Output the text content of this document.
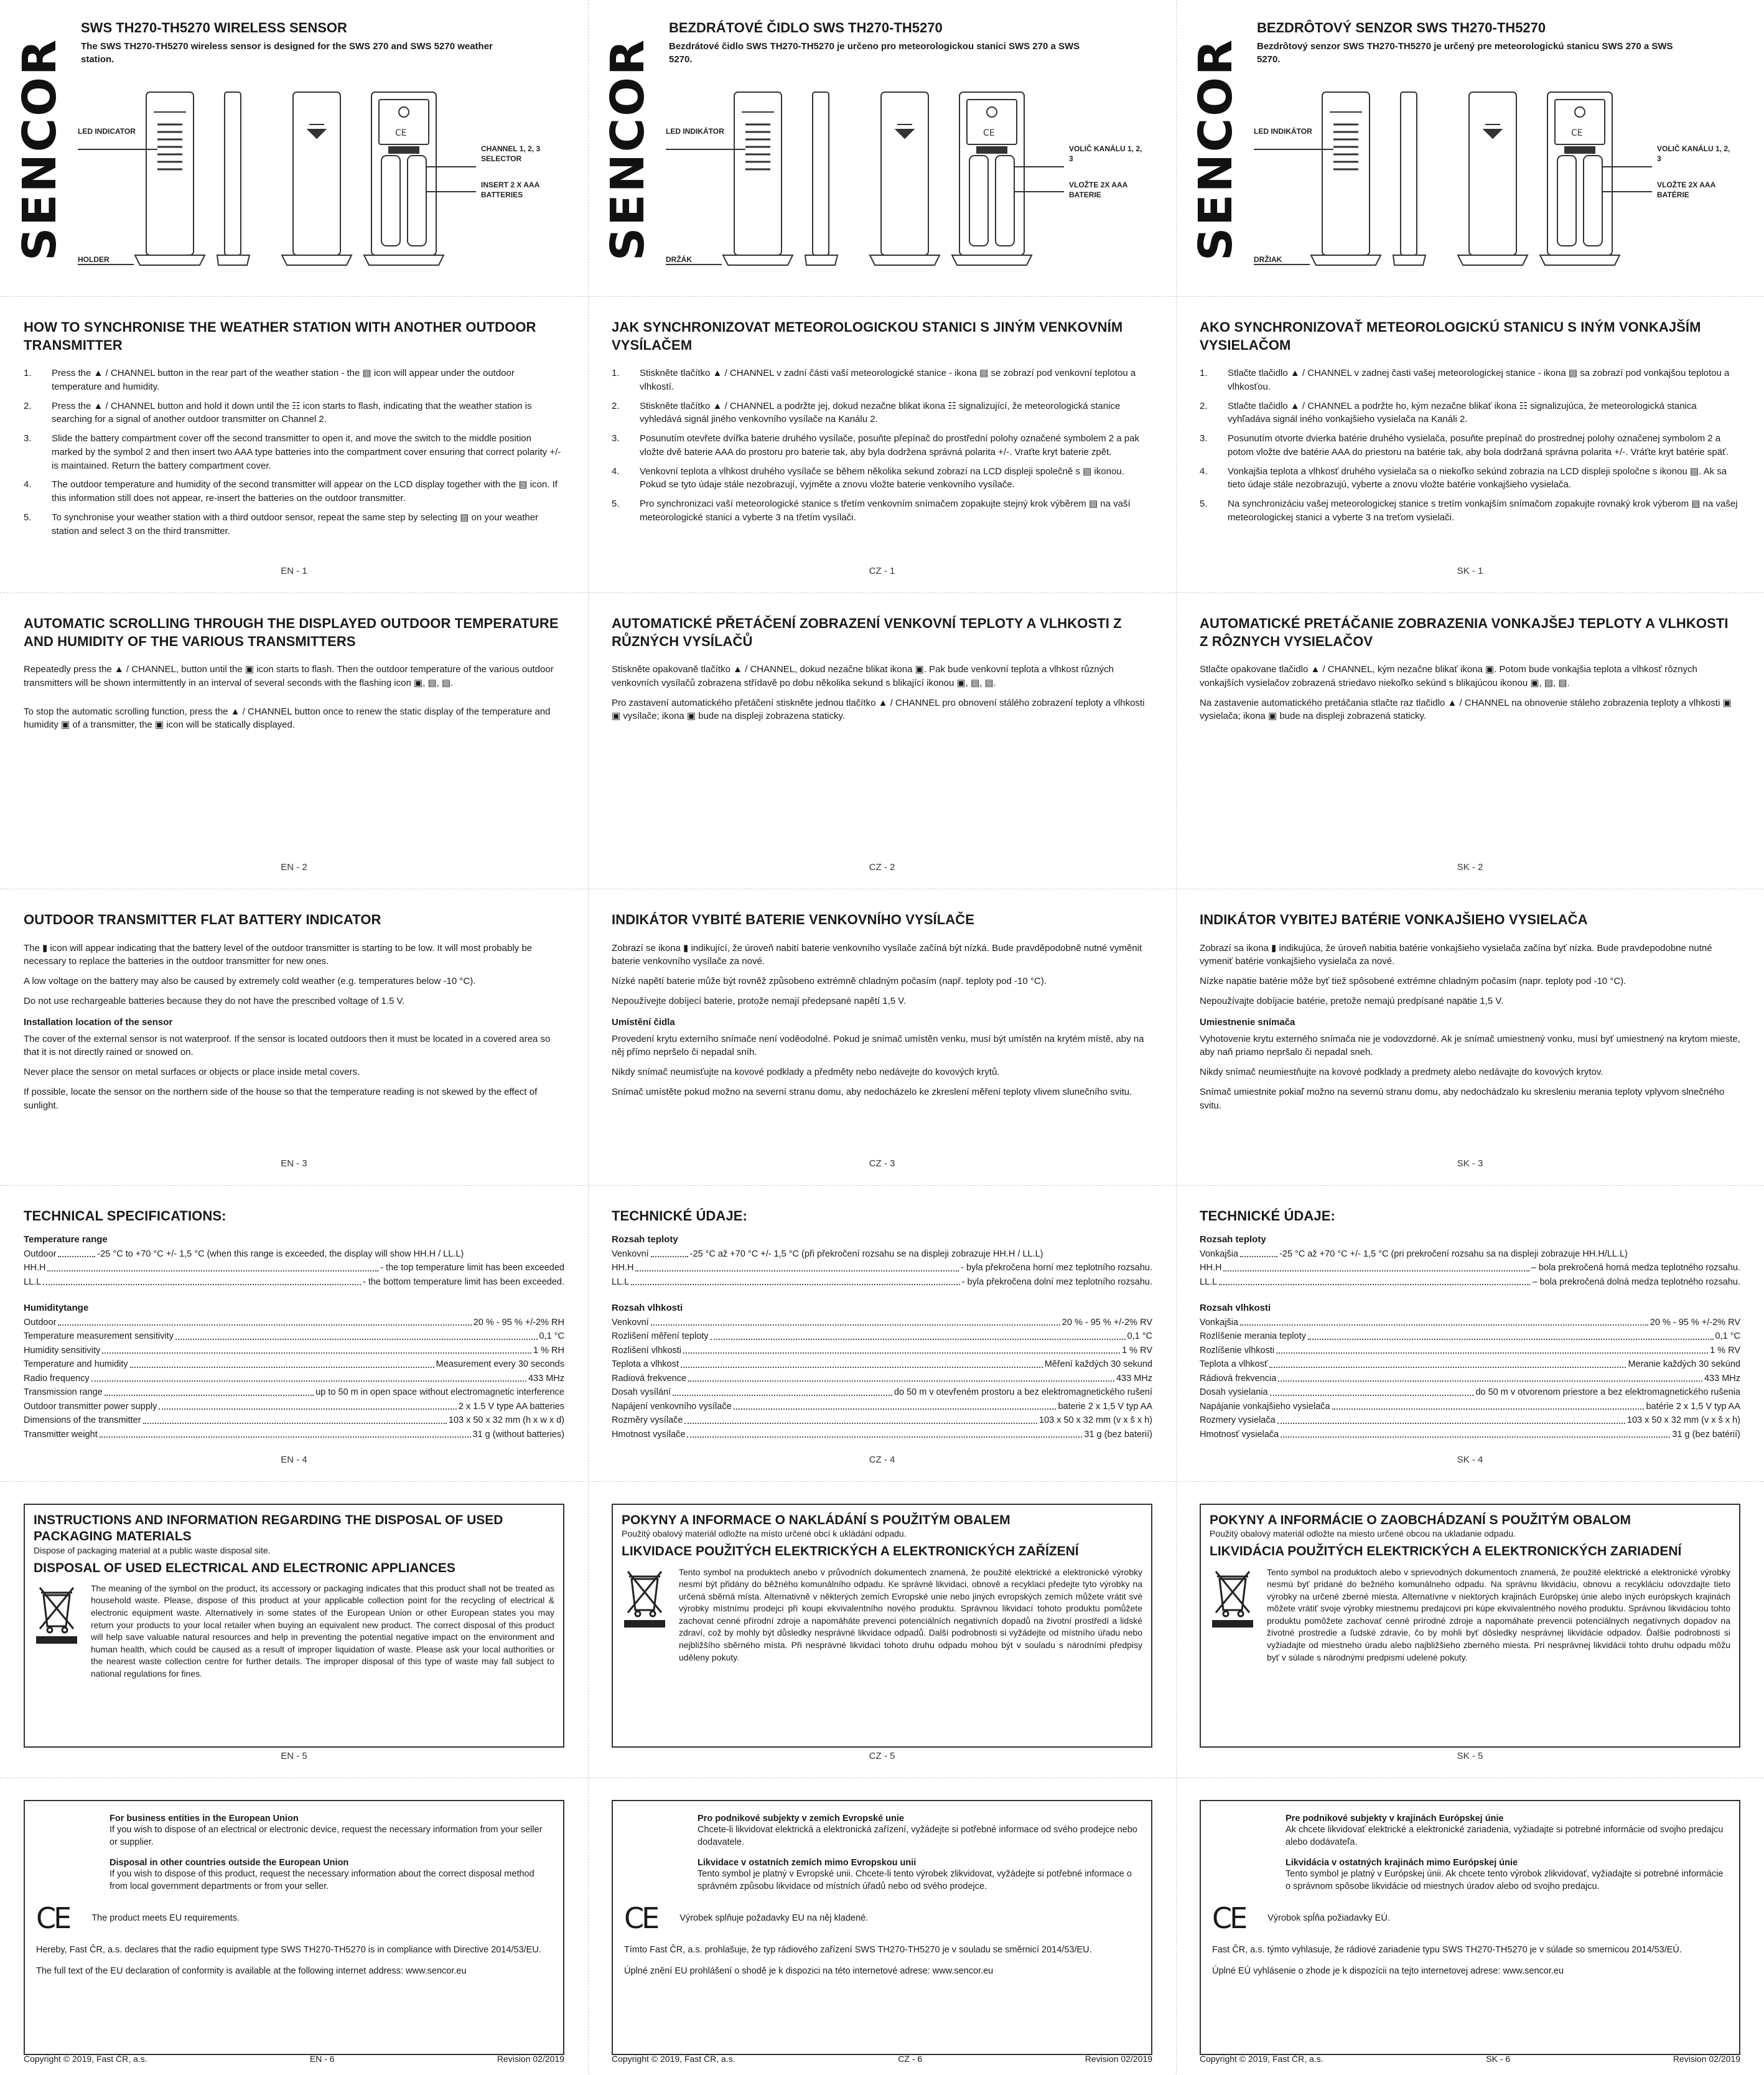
SENCOR
SWS TH270-TH5270 WIRELESS SENSOR
The SWS TH270-TH5270 wireless sensor is designed for the SWS 270 and SWS 5270 weather station.
CE
LED INDICATOR
HOLDER
CHANNEL 1, 2, 3 SELECTOR
INSERT 2 X AAA BATTERIES	SENCOR
BEZDRÁTOVÉ ČIDLO SWS TH270-TH5270
Bezdrátové čidlo SWS TH270-TH5270 je určeno pro meteorologickou stanici SWS 270 a SWS 5270.
CE
LED INDIKÁTOR
DRŽÁK
VOLIČ KANÁLU 1, 2, 3
VLOŽTE 2X AAA BATERIE	SENCOR
BEZDRÔTOVÝ SENZOR SWS TH270-TH5270
Bezdrôtový senzor SWS TH270-TH5270 je určený pre meteorologickú stanicu SWS 270 a SWS 5270.
CE
LED INDIKÁTOR
DRŽIAK
VOLIČ KANÁLU 1, 2, 3
VLOŽTE 2X AAA BATÉRIE
HOW TO SYNCHRONISE THE WEATHER STATION WITH ANOTHER OUTDOOR TRANSMITTER
1. Press the ▲ / CHANNEL button in the rear part of the weather station - the ▤ icon will appear under the outdoor temperature and humidity.
2. Press the ▲ / CHANNEL button and hold it down until the ☷ icon starts to flash, indicating that the weather station is searching for a signal of another outdoor transmitter on Channel 2.
3. Slide the battery compartment cover off the second transmitter to open it, and move the switch to the middle position marked by the symbol 2 and then insert two AAA type batteries into the compartment cover ensuring that correct polarity +/- is maintained. Return the battery compartment cover.
4. The outdoor temperature and humidity of the second transmitter will appear on the LCD display together with the ▤ icon. If this information still does not appear, re-insert the batteries on the outdoor transmitter.
5. To synchronise your weather station with a third outdoor sensor, repeat the same step by selecting ▤ on your weather station and select 3 on the third transmitter.
EN - 1
JAK SYNCHRONIZOVAT METEOROLOGICKOU STANICI S JINÝM VENKOVNÍM VYSÍLAČEM
1. Stiskněte tlačítko ▲ / CHANNEL v zadní části vaší meteorologické stanice - ikona ▤ se zobrazí pod venkovní teplotou a vlhkostí.
2. Stiskněte tlačítko ▲ / CHANNEL a podržte jej, dokud nezačne blikat ikona ☷ signalizující, že meteorologická stanice vyhledává signál jiného venkovního vysílače na Kanálu 2.
3. Posunutím otevřete dvířka baterie druhého vysílače, posuňte přepínač do prostřední polohy označené symbolem 2 a pak vložte dvě baterie AAA do prostoru pro baterie tak, aby byla dodržena správná polarita +/-. Vraťte kryt baterie zpět.
4. Venkovní teplota a vlhkost druhého vysílače se během několika sekund zobrazí na LCD displeji společně s ▤ ikonou. Pokud se tyto údaje stále nezobrazují, vyjměte a znovu vložte baterie venkovního vysílače.
5. Pro synchronizaci vaší meteorologické stanice s třetím venkovním snímačem zopakujte stejný krok výběrem ▤ na vaší meteorologické stanici a vyberte 3 na třetím vysílači.
CZ - 1
AKO SYNCHRONIZOVAŤ METEOROLOGICKÚ STANICU S INÝM VONKAJŠÍM VYSIELAČOM
1. Stlačte tlačidlo ▲ / CHANNEL v zadnej časti vašej meteorologickej stanice - ikona ▤ sa zobrazí pod vonkajšou teplotou a vlhkosťou.
2. Stlačte tlačidlo ▲ / CHANNEL a podržte ho, kým nezačne blikať ikona ☷ signalizujúca, že meteorologická stanica vyhľadáva signál iného vonkajšieho vysielača na Kanáli 2.
3. Posunutím otvorte dvierka batérie druhého vysielača, posuňte prepínač do prostrednej polohy označenej symbolom 2 a potom vložte dve batérie AAA do priestoru na batérie tak, aby bola dodržaná správna polarita +/-. Vráťte kryt batérie späť.
4. Vonkajšia teplota a vlhkosť druhého vysielača sa o niekoľko sekúnd zobrazia na LCD displeji spoločne s ikonou ▤. Ak sa tieto údaje stále nezobrazujú, vyberte a znovu vložte batérie vonkajšieho vysielača.
5. Na synchronizáciu vašej meteorologickej stanice s tretím vonkajším snímačom zopakujte rovnaký krok výberom ▤ na vašej meteorologickej stanici a vyberte 3 na treťom vysielači.
SK - 1
AUTOMATIC SCROLLING THROUGH THE DISPLAYED OUTDOOR TEMPERATURE AND HUMIDITY OF THE VARIOUS TRANSMITTERS

Repeatedly press the ▲ / CHANNEL, button until the ▣ icon starts to flash. Then the outdoor temperature of the various outdoor transmitters will be shown intermittently in an interval of several seconds with the flashing icon ▣, ▤, ▤.

To stop the automatic scrolling function, press the ▲ / CHANNEL button once to renew the static display of the temperature and humidity ▣ of a transmitter, the ▣ icon will be statically displayed.

EN - 2
AUTOMATICKÉ PŘETÁČENÍ ZOBRAZENÍ VENKOVNÍ TEPLOTY A VLHKOSTI Z RŮZNÝCH VYSÍLAČŮ

Stiskněte opakovaně tlačítko ▲ / CHANNEL, dokud nezačne blikat ikona ▣. Pak bude venkovní teplota a vlhkost různých venkovních vysílačů zobrazena střídavě po dobu několika sekund s blikající ikonou ▣, ▤, ▤.

Pro zastavení automatického přetáčení stiskněte jednou tlačítko ▲ / CHANNEL pro obnovení stálého zobrazení teploty a vlhkosti ▣ vysílače; ikona ▣ bude na displeji zobrazena staticky.

CZ - 2
AUTOMATICKÉ PRETÁČANIE ZOBRAZENIA VONKAJŠEJ TEPLOTY A VLHKOSTI Z RÔZNYCH VYSIELAČOV

Stlačte opakovane tlačidlo ▲ / CHANNEL, kým nezačne blikať ikona ▣. Potom bude vonkajšia teplota a vlhkosť rôznych vonkajších vysielačov zobrazená striedavo niekoľko sekúnd s blikajúcou ikonou ▣, ▤, ▤.

Na zastavenie automatického pretáčania stlačte raz tlačidlo ▲ / CHANNEL na obnovenie stáleho zobrazenia teploty a vlhkosti ▣ vysielača; ikona ▣ bude na displeji zobrazená staticky.

SK - 2
OUTDOOR TRANSMITTER FLAT BATTERY INDICATOR

The ▮ icon will appear indicating that the battery level of the outdoor transmitter is starting to be low. It will most probably be necessary to replace the batteries in the outdoor transmitter for new ones.

A low voltage on the battery may also be caused by extremely cold weather (e.g. temperatures below -10 °C).

Do not use rechargeable batteries because they do not have the prescribed voltage of 1.5 V.

Installation location of the sensor

The cover of the external sensor is not waterproof. If the sensor is located outdoors then it must be located in a covered area so that it is not directly rained or snowed on.

Never place the sensor on metal surfaces or objects or place inside metal covers.

If possible, locate the sensor on the northern side of the house so that the temperature reading is not skewed by the effect of sunlight.

EN - 3
INDIKÁTOR VYBITÉ BATERIE VENKOVNÍHO VYSÍLAČE

Zobrazí se ikona ▮ indikující, že úroveň nabití baterie venkovního vysílače začíná být nízká. Bude pravděpodobně nutné vyměnit baterie venkovního vysílače za nové.

Nízké napětí baterie může být rovněž způsobeno extrémně chladným počasím (např. teploty pod -10 °C).

Nepoužívejte dobíjecí baterie, protože nemají předepsané napětí 1,5 V.

Umístění čidla

Provedení krytu externího snímače není voděodolné. Pokud je snímač umístěn venku, musí být umístěn na krytém místě, aby na něj přímo nepršelo či nepadal sníh.

Nikdy snímač neumisťujte na kovové podklady a předměty nebo nedávejte do kovových krytů.

Snímač umístěte pokud možno na severní stranu domu, aby nedocházelo ke zkreslení měření teploty vlivem slunečního svitu.

CZ - 3
INDIKÁTOR VYBITEJ BATÉRIE VONKAJŠIEHO VYSIELAČA

Zobrazí sa ikona ▮ indikujúca, že úroveň nabitia batérie vonkajšieho vysielača začína byť nízka. Bude pravdepodobne nutné vymeniť batérie vonkajšieho vysielača za nové.

Nízke napätie batérie môže byť tiež spôsobené extrémne chladným počasím (napr. teploty pod -10 °C).

Nepoužívajte dobíjacie batérie, pretože nemajú predpísané napätie 1,5 V.

Umiestnenie snímača

Vyhotovenie krytu externého snímača nie je vodovzdorné. Ak je snímač umiestnený vonku, musí byť umiestnený na krytom mieste, aby naň priamo nepršalo či nepadal sneh.

Nikdy snímač neumiestňujte na kovové podklady a predmety alebo nedávajte do kovových krytov.

Snímač umiestnite pokiaľ možno na severnú stranu domu, aby nedochádzalo ku skresleniu merania teploty vplyvom slnečného svitu.

SK - 3
TECHNICAL SPECIFICATIONS:
Temperature range
Outdoor	-25 °C to +70 °C +/- 1,5 °C (when this range is exceeded, the display will show HH.H / LL.L)
HH.H	- the top temperature limit has been exceeded
LL.L	- the bottom temperature limit has been exceeded.
Humiditytange
Outdoor	20 % - 95 % +/-2% RH
Temperature measurement sensitivity	0,1 °C
Humidity sensitivity	1 % RH
Temperature and humidity	Measurement every 30 seconds
Radio frequency	433 MHz
Transmission range	up to 50 m in open space without electromagnetic interference
Outdoor transmitter power supply	2 x 1.5 V type AA batteries
Dimensions of the transmitter	103 x 50 x 32 mm (h x w x d)
Transmitter weight	31 g (without batteries)
EN - 4
TECHNICKÉ ÚDAJE:
Rozsah teploty
Venkovní	-25 °C až +70 °C +/- 1,5 °C (při překročení rozsahu se na displeji zobrazuje HH.H / LL.L)
HH.H	- byla překročena horní mez teplotního rozsahu.
LL.L	- byla překročena dolní mez teplotního rozsahu.
Rozsah vlhkosti
Venkovní	20 % - 95 % +/-2% RV
Rozlišení měření teploty	0,1 °C
Rozlišení vlhkosti	1 % RV
Teplota a vlhkost	Měření každých 30 sekund
Radiová frekvence	433 MHz
Dosah vysílání	do 50 m v otevřeném prostoru a bez elektromagnetického rušení
Napájení venkovního vysílače	baterie 2 x 1,5 V typ AA
Rozměry vysílače	103 x 50 x 32 mm (v x š x h)
Hmotnost vysílače	31 g (bez baterií)
CZ - 4
TECHNICKÉ ÚDAJE:
Rozsah teploty
Vonkajšia	-25 °C až +70 °C +/- 1,5 °C (pri prekročení rozsahu sa na displeji zobrazuje HH.H/LL.L)
HH.H	– bola prekročená horná medza teplotného rozsahu.
LL.L	– bola prekročená dolná medza teplotného rozsahu.
Rozsah vlhkosti
Vonkajšia	20 % - 95 % +/-2% RV
Rozlíšenie merania teploty	0,1 °C
Rozlíšenie vlhkosti	1 % RV
Teplota a vlhkosť	Meranie každých 30 sekúnd
Rádiová frekvencia	433 MHz
Dosah vysielania	do 50 m v otvorenom priestore a bez elektromagnetického rušenia
Napájanie vonkajšieho vysielača	batérie 2 x 1,5 V typ AA
Rozmery vysielača	103 x 50 x 32 mm (v x š x h)
Hmotnosť vysielača	31 g (bez batérií)
SK - 4
INSTRUCTIONS AND INFORMATION REGARDING THE DISPOSAL OF USED PACKAGING MATERIALS
Dispose of packaging material at a public waste disposal site.
DISPOSAL OF USED ELECTRICAL AND ELECTRONIC APPLIANCES
The meaning of the symbol on the product, its accessory or packaging indicates that this product shall not be treated as household waste. Please, dispose of this product at your applicable collection point for the recycling of electrical & electronic equipment waste. Alternatively in some states of the European Union or other European states you may return your products to your local retailer when buying an equivalent new product. The correct disposal of this product will help save valuable natural resources and help in preventing the potential negative impact on the environment and human health, which could be caused as a result of improper liquidation of waste. Please ask your local authorities or the nearest waste collection centre for further details. The improper disposal of this type of waste may fall subject to national regulations for fines.
EN - 5
POKYNY A INFORMACE O NAKLÁDÁNÍ S POUŽITÝM OBALEM
Použitý obalový materiál odložte na místo určené obcí k ukládání odpadu.
LIKVIDACE POUŽITÝCH ELEKTRICKÝCH A ELEKTRONICKÝCH ZAŘÍZENÍ
Tento symbol na produktech anebo v průvodních dokumentech znamená, že použité elektrické a elektronické výrobky nesmí být přidány do běžného komunálního odpadu. Ke správné likvidaci, obnově a recyklaci předejte tyto výrobky na určená sběrná místa. Alternativně v některých zemích Evropské unie nebo jiných evropských zemích můžete vrátit své výrobky místnímu prodejci při koupi ekvivalentního nového produktu. Správnou likvidací tohoto produktu pomůžete zachovat cenné přírodní zdroje a napomáháte prevenci potenciálních negativních dopadů na životní prostředí a lidské zdraví, což by mohly být důsledky nesprávné likvidace odpadů. Další podrobnosti si vyžádejte od místního úřadu nebo nejbližšího sběrného místa. Při nesprávné likvidaci tohoto druhu odpadu mohou být v souladu s národními předpisy uděleny pokuty.
CZ - 5
POKYNY A INFORMÁCIE O ZAOBCHÁDZANÍ S POUŽITÝM OBALOM
Použitý obalový materiál odložte na miesto určené obcou na ukladanie odpadu.
LIKVIDÁCIA POUŽITÝCH ELEKTRICKÝCH A ELEKTRONICKÝCH ZARIADENÍ
Tento symbol na produktoch alebo v sprievodných dokumentoch znamená, že použité elektrické a elektronické výrobky nesmú byť pridané do bežného komunálneho odpadu. Na správnu likvidáciu, obnovu a recykláciu odovzdajte tieto výrobky na určené zberné miesta. Alternatívne v niektorých krajinách Európskej únie alebo iných európskych krajinách môžete vrátiť svoje výrobky miestnemu predajcovi pri kúpe ekvivalentného nového produktu. Správnou likvidáciou tohto produktu pomôžete zachovať cenné prírodné zdroje a napomáhate prevencii potenciálnych negatívnych dopadov na životné prostredie a ľudské zdravie, čo by mohli byť dôsledky nesprávnej likvidácie odpadov. Ďalšie podrobnosti si vyžiadajte od miestneho úradu alebo najbližšieho zberného miesta. Pri nesprávnej likvidácii tohto druhu odpadu môžu byť v súlade s národnými predpismi udelené pokuty.
SK - 5
For business entities in the European Union

If you wish to dispose of an electrical or electronic device, request the necessary information from your seller or supplier.

Disposal in other countries outside the European Union

If you wish to dispose of this product, request the necessary information about the correct disposal method from local government departments or from your seller.

CE The product meets EU requirements.

Hereby, Fast ČR, a.s. declares that the radio equipment type SWS TH270-TH5270 is in compliance with Directive 2014/53/EU.

The full text of the EU declaration of conformity is available at the following internet address: www.sencor.eu

Copyright © 2019, Fast ČR, a.s.	EN - 6	Revision 02/2019
Pro podnikové subjekty v zemích Evropské unie

Chcete-li likvidovat elektrická a elektronická zařízení, vyžádejte si potřebné informace od svého prodejce nebo dodavatele.

Likvidace v ostatních zemích mimo Evropskou unii

Tento symbol je platný v Evropské unii. Chcete-li tento výrobek zlikvidovat, vyžádejte si potřebné informace o správném způsobu likvidace od místních úřadů nebo od svého prodejce.

CE Výrobek splňuje požadavky EU na něj kladené.

Tímto Fast ČR, a.s. prohlašuje, že typ rádiového zařízení SWS TH270-TH5270 je v souladu se směrnicí 2014/53/EU.

Úplné znění EU prohlášení o shodě je k dispozici na této internetové adrese: www.sencor.eu

Copyright © 2019, Fast ČR, a.s.	CZ - 6	Revision 02/2019
Pre podnikové subjekty v krajinách Európskej únie

Ak chcete likvidovať elektrické a elektronické zariadenia, vyžiadajte si potrebné informácie od svojho predajcu alebo dodávateľa.

Likvidácia v ostatných krajinách mimo Európskej únie

Tento symbol je platný v Európskej únii. Ak chcete tento výrobok zlikvidovať, vyžiadajte si potrebné informácie o správnom spôsobe likvidácie od miestnych úradov alebo od svojho predajcu.

CE Výrobok spĺňa požiadavky EÚ.

Fast ČR, a.s. týmto vyhlasuje, že rádiové zariadenie typu SWS TH270-TH5270 je v súlade so smernicou 2014/53/EÚ.

Úplné EÚ vyhlásenie o zhode je k dispozícii na tejto internetovej adrese: www.sencor.eu

Copyright © 2019, Fast ČR, a.s.	SK - 6	Revision 02/2019
